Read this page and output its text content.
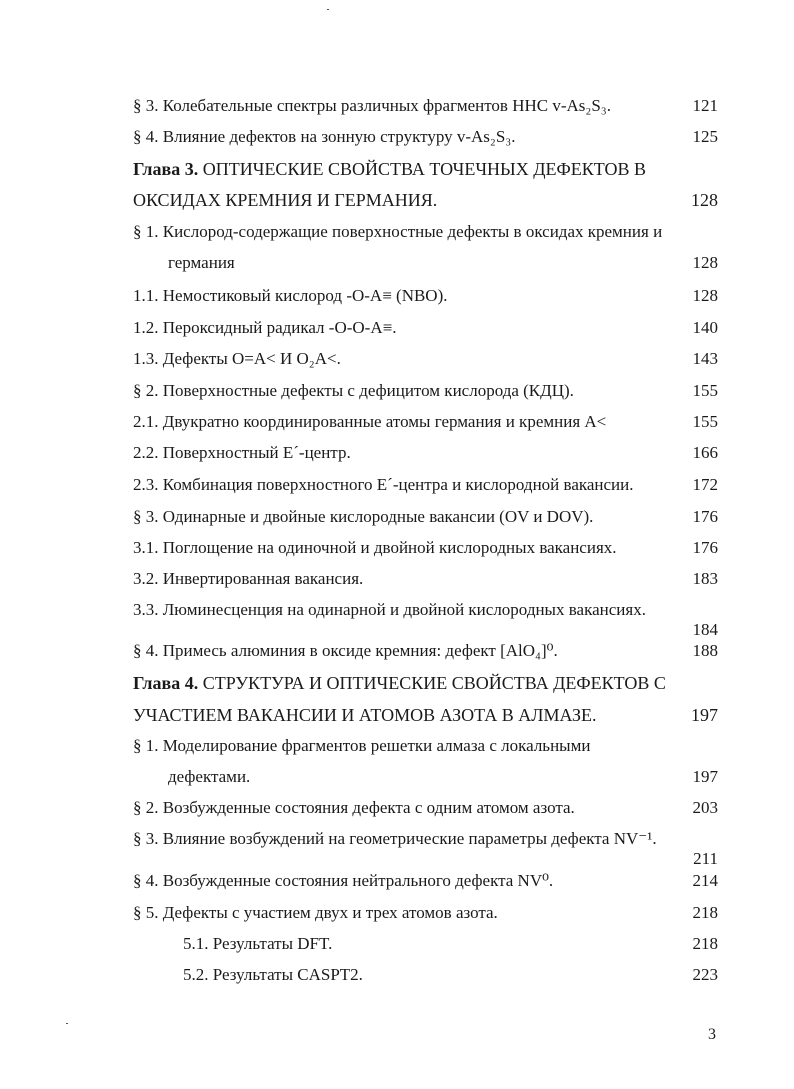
§ 3. Колебательные спектры различных фрагментов ННС v-As₂S₃.	121
§ 4. Влияние дефектов на зонную структуру v-As₂S₃.	125
Глава 3. ОПТИЧЕСКИЕ СВОЙСТВА ТОЧЕЧНЫХ ДЕФЕКТОВ В
ОКСИДАХ КРЕМНИЯ И ГЕРМАНИЯ.	128
§ 1. Кислород-содержащие поверхностные дефекты в оксидах кремния и
германия	128
1.1. Немостиковый кислород -O-A≡ (NBO).	128
1.2. Пероксидный радикал -O-O-A≡.	140
1.3. Дефекты O=A< И O₂A<.	143
§ 2. Поверхностные дефекты с дефицитом кислорода (КДЦ).	155
2.1. Двукратно координированные атомы германия и кремния A<	155
2.2. Поверхностный E´-центр.	166
2.3. Комбинация поверхностного E´-центра и кислородной вакансии.	172
§ 3. Одинарные и двойные кислородные вакансии (OV и DOV).	176
3.1. Поглощение на одиночной и двойной кислородных вакансиях.	176
3.2. Инвертированная вакансия.	183
3.3. Люминесценция на одинарной и двойной кислородных вакансиях.
184
§ 4. Примесь алюминия в оксиде кремния: дефект [AlO₄]⁰.	188
Глава 4. СТРУКТУРА И ОПТИЧЕСКИЕ СВОЙСТВА ДЕФЕКТОВ С
УЧАСТИЕМ ВАКАНСИИ И АТОМОВ АЗОТА В АЛМАЗЕ.	197
§ 1. Моделирование фрагментов решетки алмаза с локальными
дефектами.	197
§ 2. Возбужденные состояния дефекта с одним атомом азота.	203
§ 3. Влияние возбуждений на геометрические параметры дефекта NV⁻¹.
211
§ 4. Возбужденные состояния нейтрального дефекта NV⁰.	214
§ 5. Дефекты с участием двух и трех атомов азота.	218
5.1. Результаты DFT.	218
5.2. Результаты CASPT2.	223
3
